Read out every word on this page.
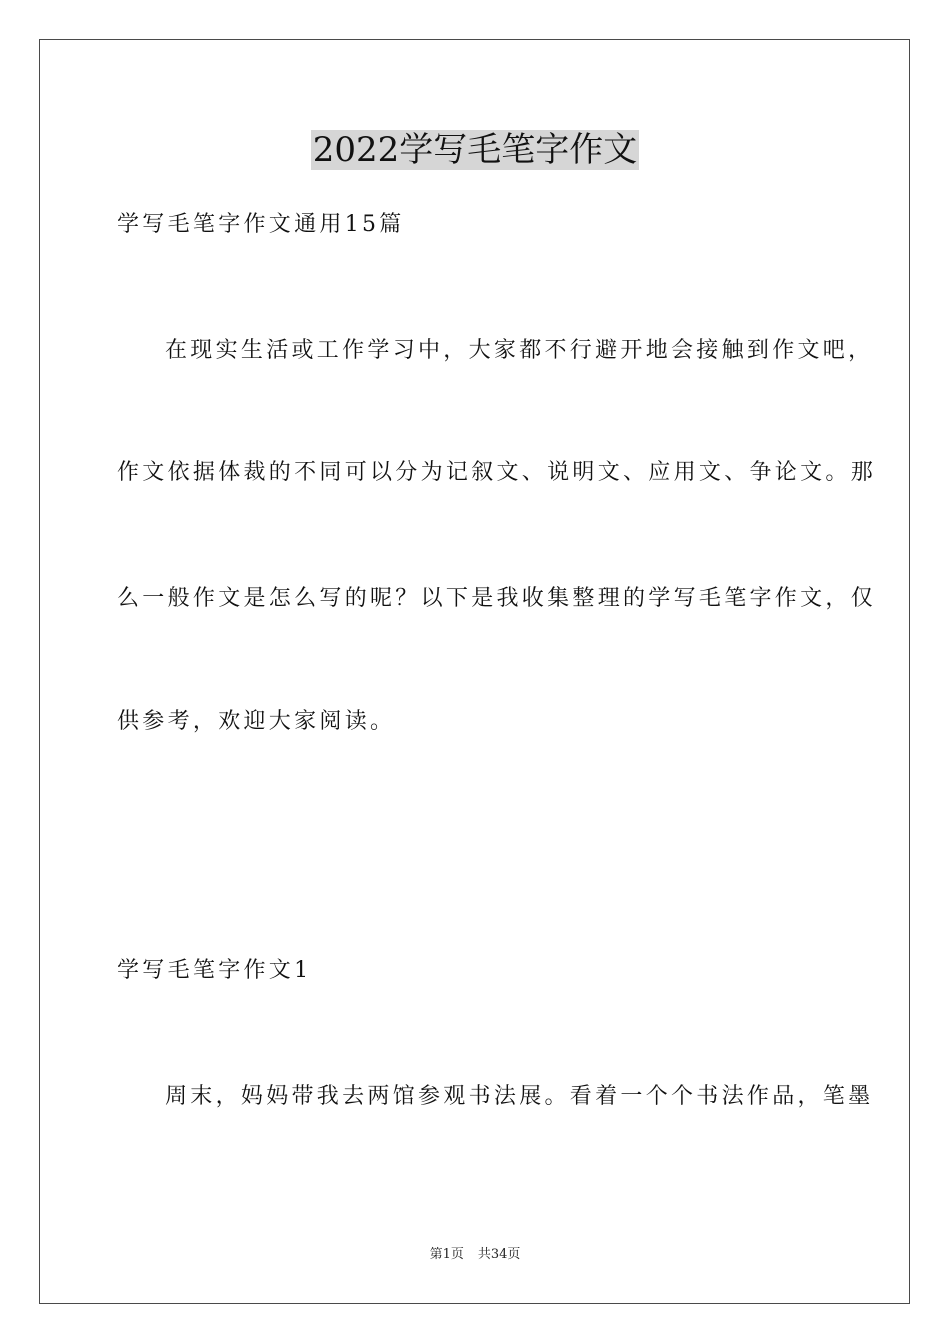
2022学写毛笔字作文
学写毛笔字作文通用15篇
在现实生活或工作学习中，大家都不行避开地会接触到作文吧，
作文依据体裁的不同可以分为记叙文、说明文、应用文、争论文。那
么一般作文是怎么写的呢？以下是我收集整理的学写毛笔字作文，仅
供参考，欢迎大家阅读。
学写毛笔字作文1
周末，妈妈带我去两馆参观书法展。看着一个个书法作品，笔墨
第1页 共34页
